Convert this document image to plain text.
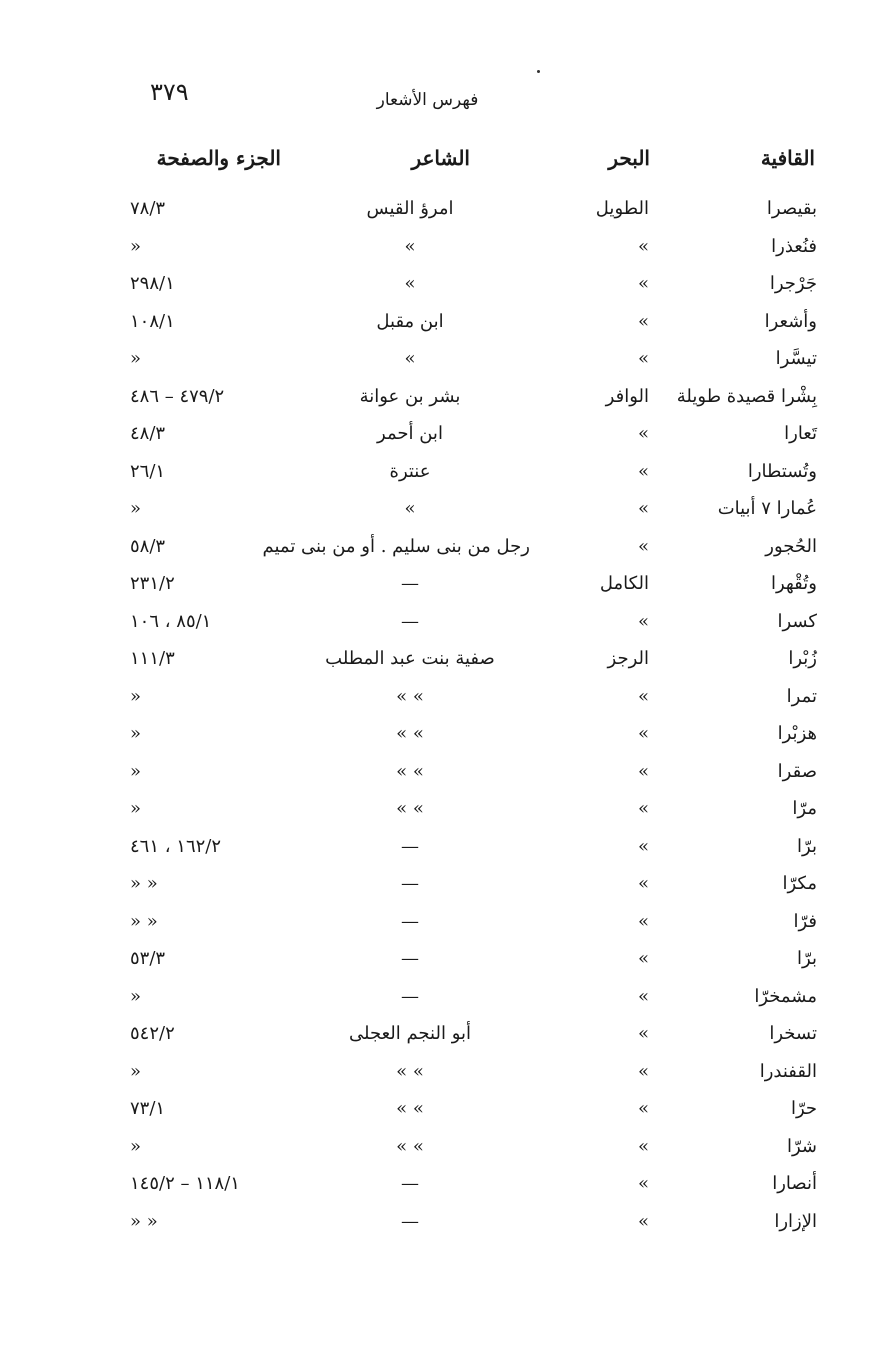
٣٧٩	فهرس الأشعار
القافية
البحر
الشاعر
الجزء والصفحة
بقيصرا
الطويل
امرؤ القيس
٧٨/٣
فنُعذرا
»
»
»
جَرْجرا
»
»
٢٩٨/١
وأشعرا
»
ابن مقبل
١٠٨/١
تيسَّرا
»
»
»
بِشْرا قصيدة طويلة
الوافر
بشر بن عوانة
٤٧٩/٢ – ٤٨٦
تَعارا
»
ابن أحمر
٤٨/٣
وتُستطارا
»
عنترة
٢٦/١
عُمارا ٧ أبيات
»
»
»
الحُجور
»
رجل من بنى سليم . أو من بنى تميم
٥٨/٣
وتُقْهرا
الكامل
—
٢٣١/٢
كسرا
»
—
٨٥/١ ، ١٠٦
زُبْرا
الرجز
صفية بنت عبد المطلب
١١١/٣
تمرا
»
» »
»
هزبْرا
»
» »
»
صقرا
»
» »
»
مرّا
»
» »
»
برّا
»
—
١٦٢/٢ ، ٤٦١
مكرّا
»
—
» »
فرّا
»
—
» »
برّا
»
—
٥٣/٣
مشمخرّا
»
—
»
تسخرا
»
أبو النجم العجلى
٥٤٢/٢
القفندرا
»
» »
»
حرّا
»
» »
٧٣/١
شرّا
»
» »
»
أنصارا
»
—
١١٨/١ – ١٤٥/٢
الإزارا
»
—
» »
